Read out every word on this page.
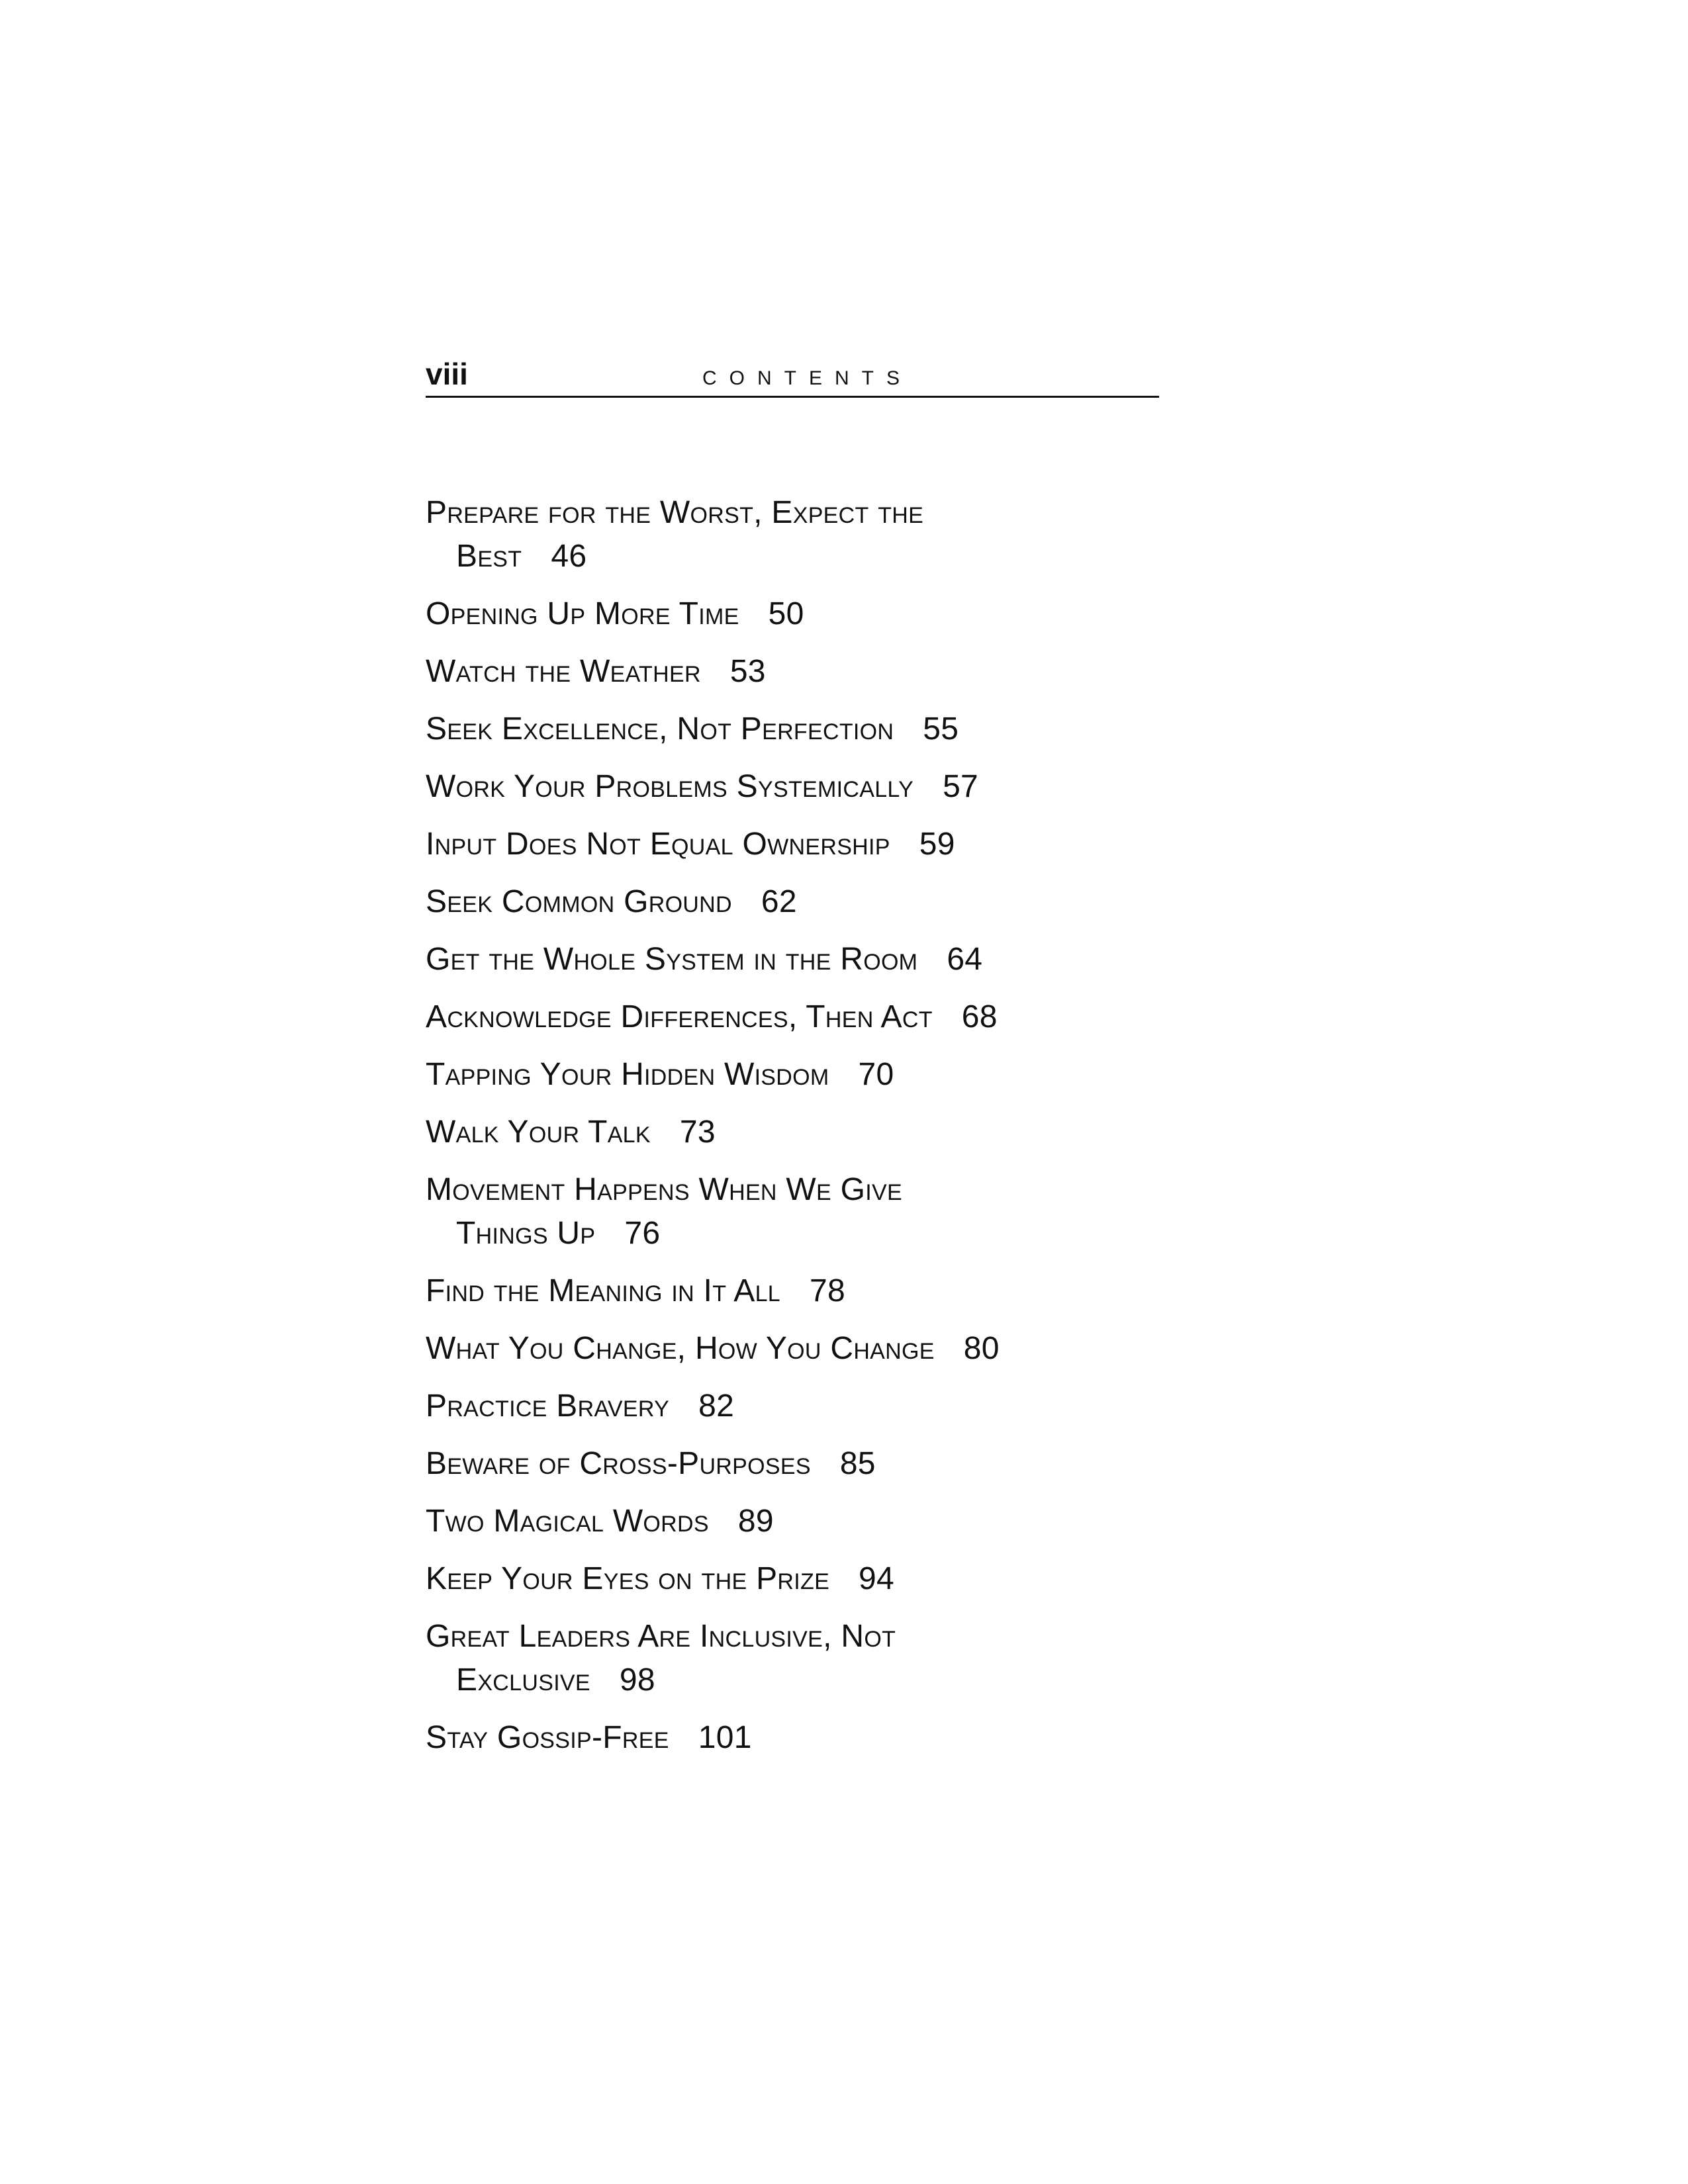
viii	CONTENTS
Prepare for the Worst, Expect the Best 46
Opening Up More Time 50
Watch the Weather 53
Seek Excellence, Not Perfection 55
Work Your Problems Systemically 57
Input Does Not Equal Ownership 59
Seek Common Ground 62
Get the Whole System in the Room 64
Acknowledge Differences, Then Act 68
Tapping Your Hidden Wisdom 70
Walk Your Talk 73
Movement Happens When We Give Things Up 76
Find the Meaning in It All 78
What You Change, How You Change 80
Practice Bravery 82
Beware of Cross-Purposes 85
Two Magical Words 89
Keep Your Eyes on the Prize 94
Great Leaders Are Inclusive, Not Exclusive 98
Stay Gossip-Free 101
